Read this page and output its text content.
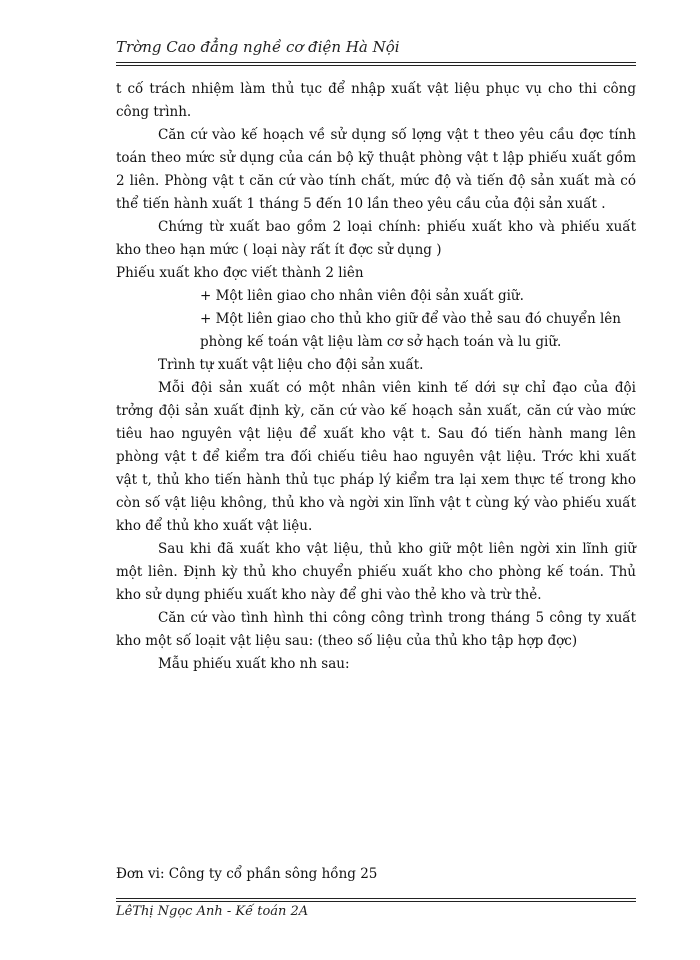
Trờng Cao đẳng nghề cơ điện Hà Nội

t cố trách nhiệm làm thủ tục để nhập xuất vật liệu phục vụ cho thi công công trình.

Căn cứ vào kế hoạch về sử dụng số lợng vật t theo yêu cầu đợc tính toán theo mức sử dụng của cán bộ kỹ thuật phòng vật t lập phiếu xuất gồm 2 liên. Phòng vật t căn cứ vào tính chất, mức độ và tiến độ sản xuất mà có thể tiến hành xuất 1 tháng 5 đến 10 lần theo yêu cầu của đội sản xuất .

Chứng từ xuất bao gồm 2 loại chính: phiếu xuất kho và phiếu xuất kho theo hạn mức ( loại này rất ít đợc sử dụng )

Phiếu xuất kho đợc viết thành 2 liên

+ Một liên giao cho nhân viên đội sản xuất giữ.

+ Một liên giao cho thủ kho giữ để vào thẻ sau đó chuyển lên

phòng kế toán vật liệu làm cơ sở hạch toán và lu giữ.

Trình tự xuất vật liệu cho đội sản xuất.

Mỗi đội sản xuất có một nhân viên kinh tế dới sự chỉ đạo của đội trởng đội sản xuất định kỳ, căn cứ vào kế hoạch sản xuất, căn cứ vào mức tiêu hao nguyên vật liệu để xuất kho vật t. Sau đó tiến hành mang lên phòng vật t để kiểm tra đối chiếu tiêu hao nguyên vật liệu. Trớc khi xuất vật t, thủ kho tiến hành thủ tục pháp lý kiểm tra lại xem thực tế trong kho còn số vật liệu không, thủ kho và ngời xin lĩnh vật t cùng ký vào phiếu xuất kho để thủ kho xuất vật liệu.

Sau khi đã xuất kho vật liệu, thủ kho giữ một liên ngời xin lĩnh giữ một liên. Định kỳ thủ kho chuyển phiếu xuất kho cho phòng kế toán. Thủ kho sử dụng phiếu xuất kho này để ghi vào thẻ kho và trừ thẻ.

Căn cứ vào tình hình thi công công trình trong tháng 5 công ty xuất kho một số loạit vật liệu sau: (theo số liệu của thủ kho tập hợp đợc)

Mẫu phiếu xuất kho nh sau:

Đơn vi: Công ty cổ phần sông hồng 25
LêThị Ngọc Anh - Kế toán 2A
